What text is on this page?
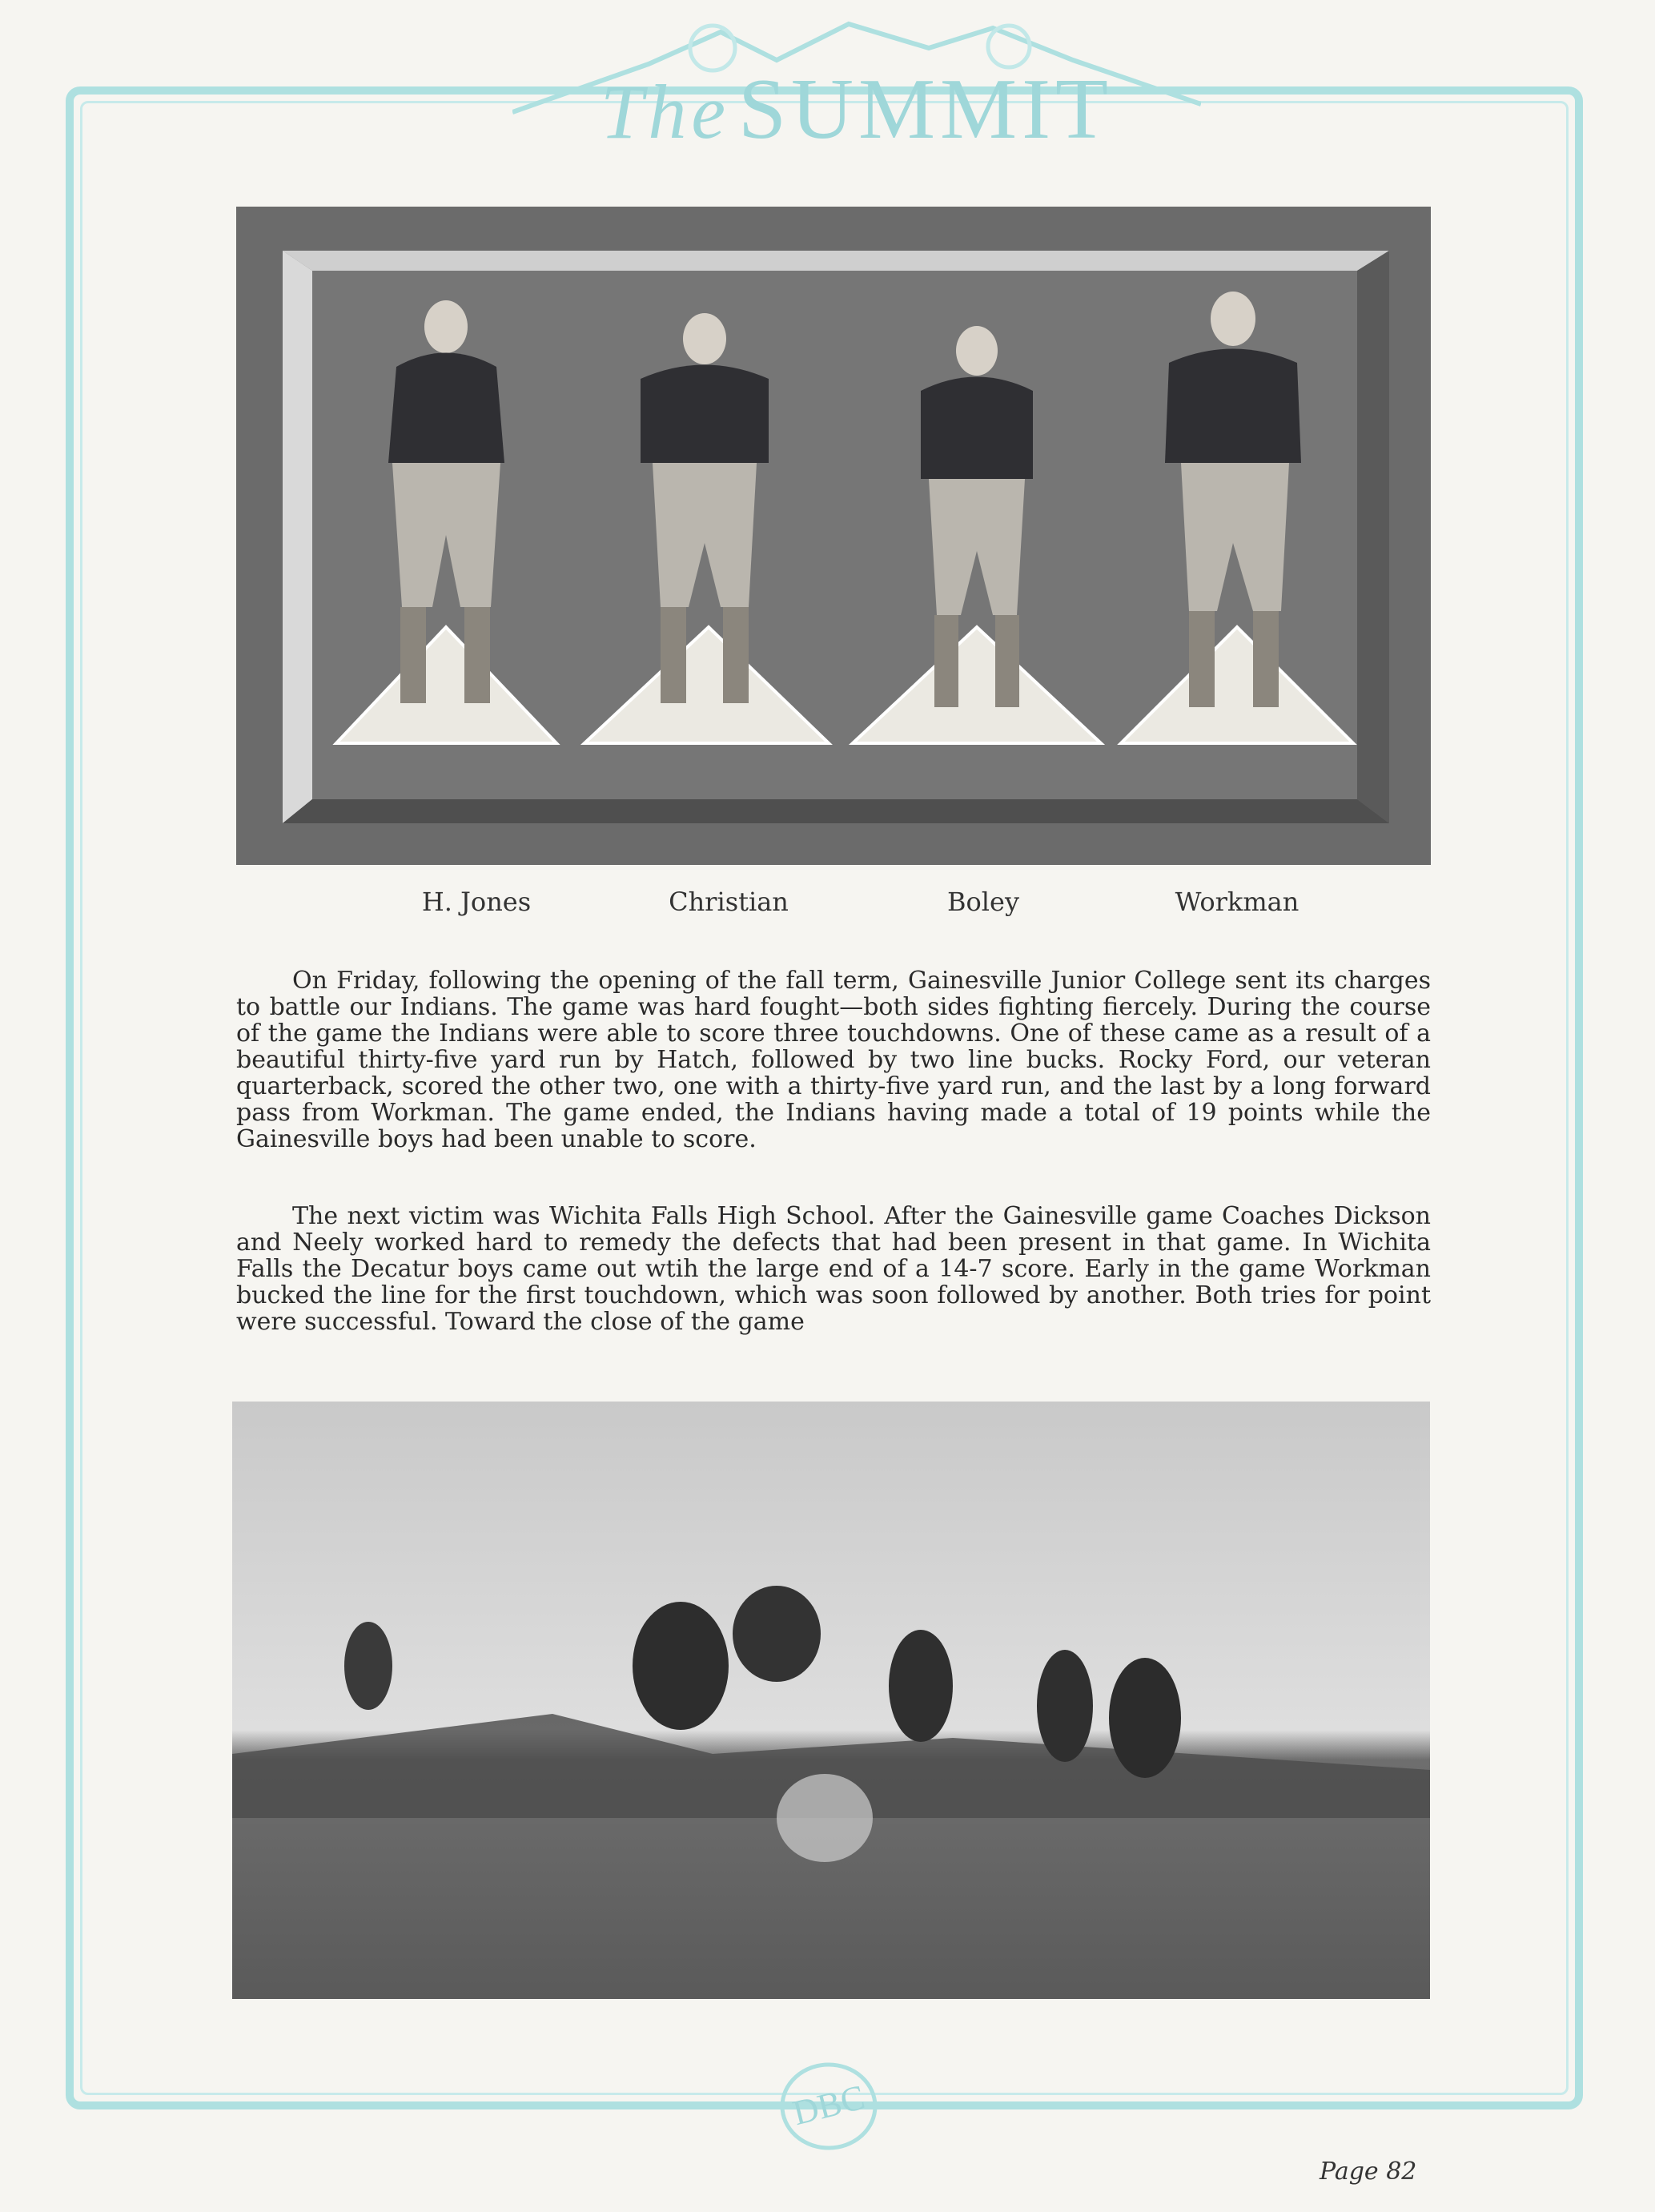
TheSUMMIT
H. Jones	Christian	Boley	Workman

On Friday, following the opening of the fall term, Gainesville Junior College sent its charges to battle our Indians. The game was hard fought—both sides fighting fiercely. During the course of the game the Indians were able to score three touchdowns. One of these came as a result of a beautiful thirty-five yard run by Hatch, followed by two line bucks. Rocky Ford, our veteran quarterback, scored the other two, one with a thirty-five yard run, and the last by a long forward pass from Workman. The game ended, the Indians having made a total of 19 points while the Gainesville boys had been unable to score.

The next victim was Wichita Falls High School. After the Gainesville game Coaches Dickson and Neely worked hard to remedy the defects that had been present in that game. In Wichita Falls the Decatur boys came out wtih the large end of a 14-7 score. Early in the game Workman bucked the line for the first touchdown, which was soon followed by another. Both tries for point were successful. Toward the close of the game

DBC
Page 82
